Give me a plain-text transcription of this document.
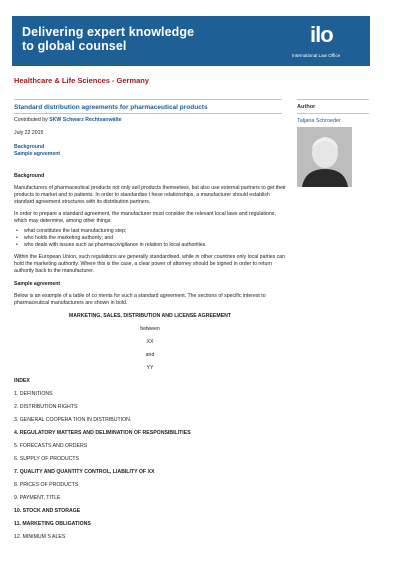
Delivering expert knowledge
to global counsel	ilo
International Law Office
Healthcare & Life Sciences - Germany
Standard distribution agreements for pharmaceutical products	Author
Tatjana Schroeder
Contributed by SKW Schwarz Rechtsanwälte
July 22 2015
Background
Sample agreement
Background
Manufacturers of pharmaceutical products not only sell products themselves, but also use external partners to get their products to market and to patients. In order to standardise t hese relationships, a manufacturer should establish standard agreement structures with its distribution partners.
In order to prepare a standard agreement, the manufacturer must consider the relevant local laws and regulations, which may determine, among other things:
• what constitutes the last manufacturing step;
• who holds the marketing authority; and
• who deals with issues such as pharmacovigilance in relation to local authorities.
Within the European Union, such regulations are generally standardised, while in other countries only local parties can hold the marketing authority. Where this is the case, a clear power of attorney should be signed in order to return authority back to the manufacturer.
Sample agreement
Below is an example of a table of co ntents for such a standard agreement. The sections of specific interest to pharmaceutical manufacturers are shown in bold.
MARKETING, SALES, DISTRIBUTION AND LICENSE AGREEMENT
between
XX
and
YY
INDEX
1. DEFINITIONS
2. DISTRIBUTION RIGHTS
3. GENERAL COOPERA TION IN DISTRIBUTION.
4. REGULATORY MATTERS AND DELIMINATION OF RESPONSIBILITIES
5. FORECASTS AND ORDERS
6. SUPPLY OF PRODUCTS
7. QUALITY AND QUANTITY CONTROL, LIABILITY OF XX
8. PRICES OF PRODUCTS
9. PAYMENT, TITLE
10. STOCK AND STORAGE
11. MARKETING OBLIGATIONS
12. MINIMUM S ALES
